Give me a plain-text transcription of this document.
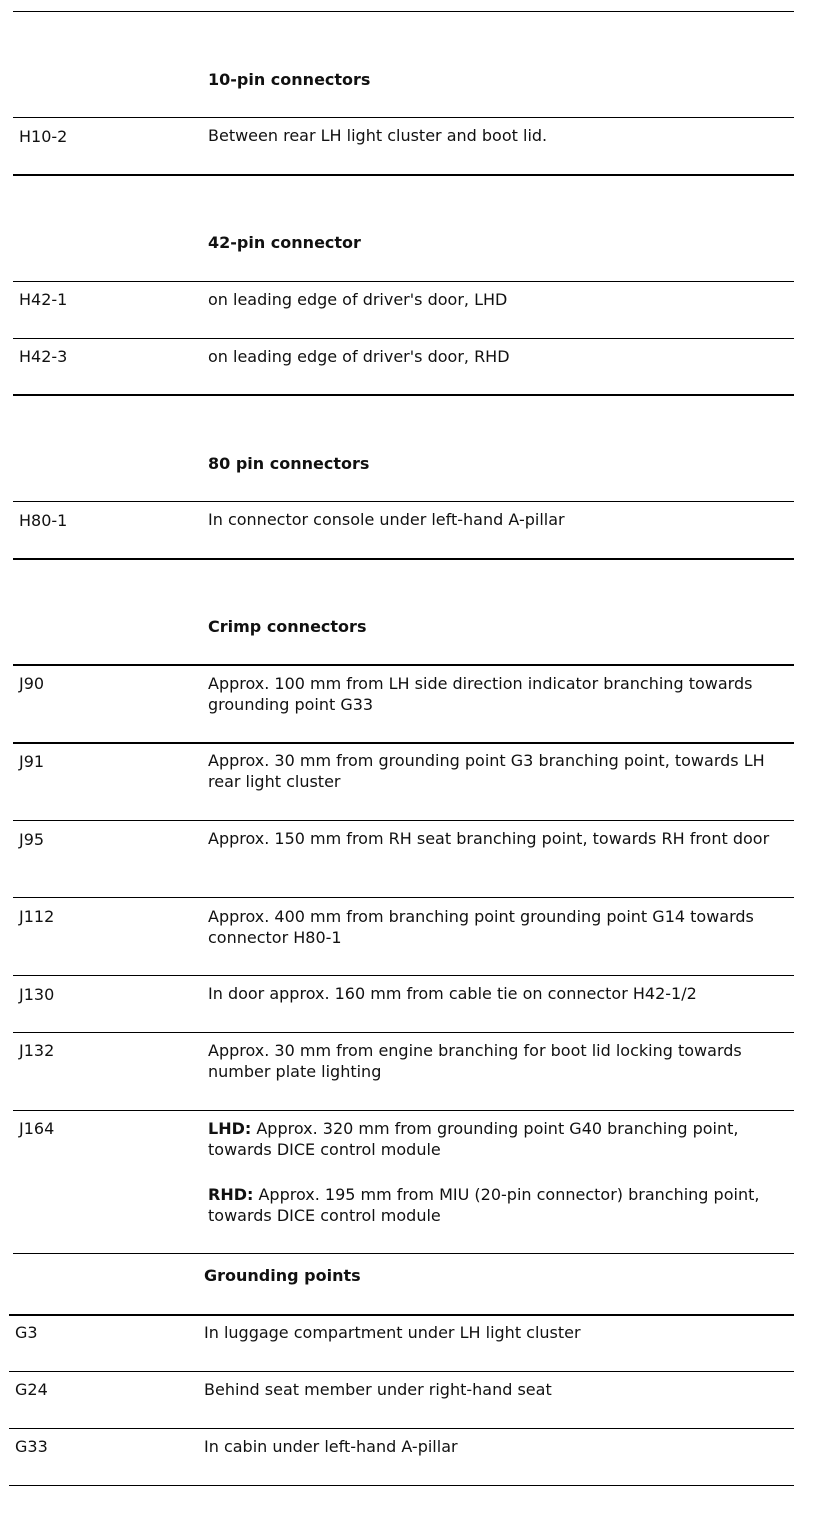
10-pin connectors
H10-2	Between rear LH light cluster and boot lid.
42-pin connector
H42-1	on leading edge of driver's door, LHD
H42-3	on leading edge of driver's door, RHD
80 pin connectors
H80-1	In connector console under left-hand A-pillar
Crimp connectors
J90	Approx. 100 mm from LH side direction indicator branching towards grounding point G33
J91	Approx. 30 mm from grounding point G3 branching point, towards LH rear light cluster
J95	Approx. 150 mm from RH seat branching point, towards RH front door
J112	Approx. 400 mm from branching point grounding point G14 towards connector H80-1
J130	In door approx. 160 mm from cable tie on connector H42-1/2
J132	Approx. 30 mm from engine branching for boot lid locking towards number plate lighting
J164	LHD: Approx. 320 mm from grounding point G40 branching point, towards DICE control module
RHD: Approx. 195 mm from MIU (20-pin connector) branching point, towards DICE control module
Grounding points
G3	In luggage compartment under LH light cluster
G24	Behind seat member under right-hand seat
G33	In cabin under left-hand A-pillar
